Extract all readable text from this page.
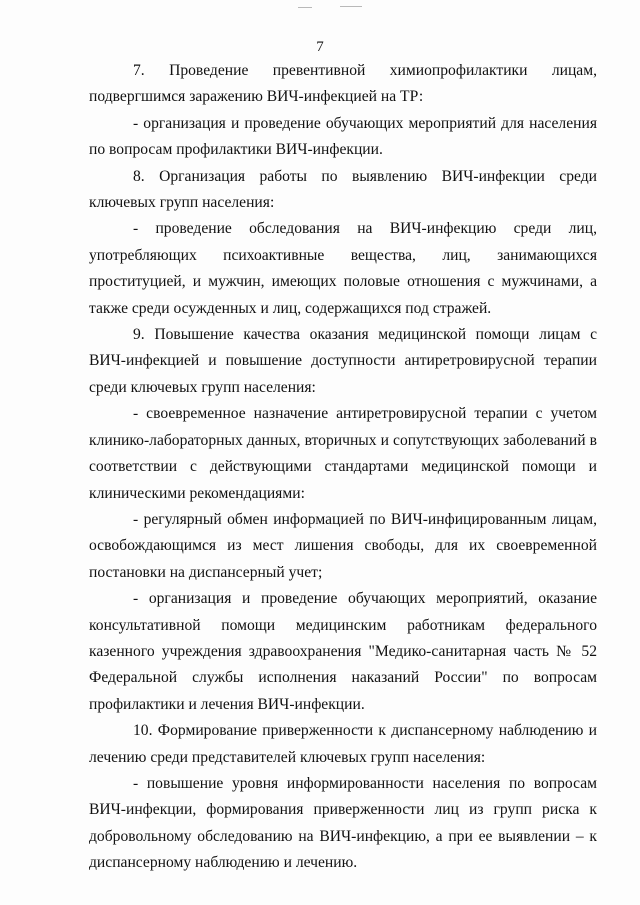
7

7. Проведение превентивной химиопрофилактики лицам, подвергшимся заражению ВИЧ-инфекцией на ТР:

- организация и проведение обучающих мероприятий для населения по вопросам профилактики ВИЧ-инфекции.

8. Организация работы по выявлению ВИЧ-инфекции среди ключевых групп населения:

- проведение обследования на ВИЧ-инфекцию среди лиц, употребляющих психоактивные вещества, лиц, занимающихся проституцией, и мужчин, имеющих половые отношения с мужчинами, а также среди осужденных и лиц, содержащихся под стражей.

9. Повышение качества оказания медицинской помощи лицам с ВИЧ-инфекцией и повышение доступности антиретровирусной терапии среди ключевых групп населения:

- своевременное назначение антиретровирусной терапии с учетом клинико-лабораторных данных, вторичных и сопутствующих заболеваний в соответствии с действующими стандартами медицинской помощи и клиническими рекомендациями:

- регулярный обмен информацией по ВИЧ-инфицированным лицам, освобождающимся из мест лишения свободы, для их своевременной постановки на диспансерный учет;

- организация и проведение обучающих мероприятий, оказание консультативной помощи медицинским работникам федерального казенного учреждения здравоохранения "Медико-санитарная часть № 52 Федеральной службы исполнения наказаний России" по вопросам профилактики и лечения ВИЧ-инфекции.

10. Формирование приверженности к диспансерному наблюдению и лечению среди представителей ключевых групп населения:

- повышение уровня информированности населения по вопросам ВИЧ-инфекции, формирования приверженности лиц из групп риска к добровольному обследованию на ВИЧ-инфекцию, а при ее выявлении – к диспансерному наблюдению и лечению.
